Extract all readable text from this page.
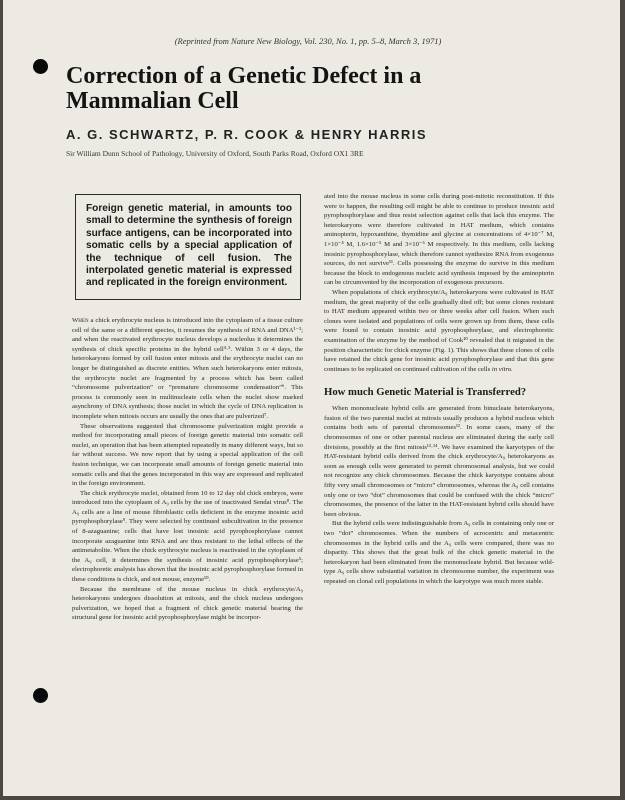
(Reprinted from Nature New Biology, Vol. 230, No. 1, pp. 5–8, March 3, 1971)
Correction of a Genetic Defect in a
Mammalian Cell
A. G. SCHWARTZ, P. R. COOK & HENRY HARRIS
Sir William Dunn School of Pathology, University of Oxford, South Parks Road, Oxford OX1 3RE

Foreign genetic material, in amounts too small to determine the synthesis of foreign surface antigens, can be incorporated into somatic cells by a special application of the technique of cell fusion. The interpolated genetic material is expressed and replicated in the foreign environment.

When a chick erythrocyte nucleus is introduced into the cytoplasm of a tissue culture cell of the same or a different species, it resumes the synthesis of RNA and DNA¹⁻³; and when the reactivated erythrocyte nucleus develops a nucleolus it determines the synthesis of chick specific proteins in the hybrid cell⁴·⁵. Within 3 or 4 days, the heterokaryons formed by cell fusion enter mitosis and the erythrocyte nuclei can no longer be distinguished as discrete entities. When such heterokaryons enter mitosis, the erythrocyte nuclei are fragmented by a process which has been called “chromosome pulverization” or “premature chromosome condensation”⁶. This process is commonly seen in multinucleate cells when the nuclei show marked asynchrony of DNA synthesis; those nuclei in which the cycle of DNA replication is incomplete when mitosis occurs are usually the ones that are pulverized⁷.

These observations suggested that chromosome pulverization might provide a method for incorporating small pieces of foreign genetic material into somatic cell nuclei, an operation that has been attempted repeatedly in many different ways, but so far without success. We now report that by using a special application of the cell fusion technique, we can incorporate small amounts of foreign genetic material into somatic cells and that the genes incorporated in this way are expressed and replicated in the foreign environment.

The chick erythrocyte nuclei, obtained from 10 to 12 day old chick embryos, were introduced into the cytoplasm of A₉ cells by the use of inactivated Sendai virus⁸. The A₉ cells are a line of mouse fibroblastic cells deficient in the enzyme inosinic acid pyrophosphorylase⁹. They were selected by continued subcultivation in the presence of 8-azaguanine; cells that have lost inosinic acid pyrophosphorylase cannot incorporate azaguanine into RNA and are thus resistant to the lethal effects of the antimetabolite. When the chick erythrocyte nucleus is reactivated in the cytoplasm of the A₉ cell, it determines the synthesis of inosinic acid pyrophosphorylase⁵; electrophoretic analysis has shown that the inosinic acid pyrophosphorylase formed in these conditions is chick, and not mouse, enzyme¹⁰.

Because the membrane of the mouse nucleus in chick erythrocyte/A₉ heterokaryons undergoes dissolution at mitosis, and the chick nucleus undergoes pulverization, we hoped that a fragment of chick genetic material bearing the structural gene for inosinic acid pyrophosphorylase might be incorpor-

ated into the mouse nucleus in some cells during post-mitotic reconstitution. If this were to happen, the resulting cell might be able to continue to produce inosinic acid pyrophosphorylase and thus resist selection against cells that lack this enzyme. The heterokaryons were therefore cultivated in HAT medium, which contains aminopterin, hypoxanthine, thymidine and glycine at concentrations of 4×10⁻⁷ M, 1×10⁻⁴ M, 1.6×10⁻⁵ M and 3×10⁻⁶ M respectively. In this medium, cells lacking inosinic pyrophosphorylase, which therefore cannot synthesize RNA from exogenous sources, do not survive¹¹. Cells possessing the enzyme do survive in this medium because the block to endogenous nucleic acid synthesis imposed by the aminopterin can be circumvented by the incorporation of exogenous precursors.

When populations of chick erythrocyte/A₉ heterokaryons were cultivated in HAT medium, the great majority of the cells gradually died off; but some clones resistant to HAT medium appeared within two or three weeks after cell fusion. When such clones were isolated and populations of cells were grown up from them, these cells were found to contain inosinic acid pyrophosphorylase, and electrophoretic examination of the enzyme by the method of Cook¹⁰ revealed that it migrated in the position characteristic for chick enzyme (Fig. 1). This shows that these clones of cells have retained the chick gene for inosinic acid pyrophosphorylase and that this gene continues to be replicated on continued cultivation of the cells in vitro.

How much Genetic Material is Transferred?

When mononucleate hybrid cells are generated from binucleate heterokaryons, fusion of the two parental nuclei at mitosis usually produces a hybrid nucleus which contains both sets of parental chromosomes¹². In some cases, many of the chromosomes of one or other parental nucleus are eliminated during the early cell divisions, possibly at the first mitosis¹³·¹⁴. We have examined the karyotypes of the HAT-resistant hybrid cells derived from the chick erythrocyte/A₉ heterokaryons as soon as enough cells were generated to permit chromosomal analysis, but we could not recognize any chick chromosomes. Because the chick karyotype contains about fifty very small chromosomes or “micro” chromosomes, whereas the A₉ cell contains only one or two “dot” chromosomes that could be confused with the chick “micro” chromosomes, the presence of the latter in the HAT-resistant hybrid cells should have been obvious.

But the hybrid cells were indistinguishable from A₉ cells in containing only one or two “dot” chromosomes. When the numbers of acrocentric and metacentric chromosomes in the hybrid cells and the A₉ cells were compared, there was no disparity. This shows that the great bulk of the chick genetic material in the heterokaryon had been eliminated from the mononucleate hybrid. But because wild-type A₉ cells show substantial variation in chromosome number, the experiment was repeated on clonal cell populations in which the karyotype was much more stable.
